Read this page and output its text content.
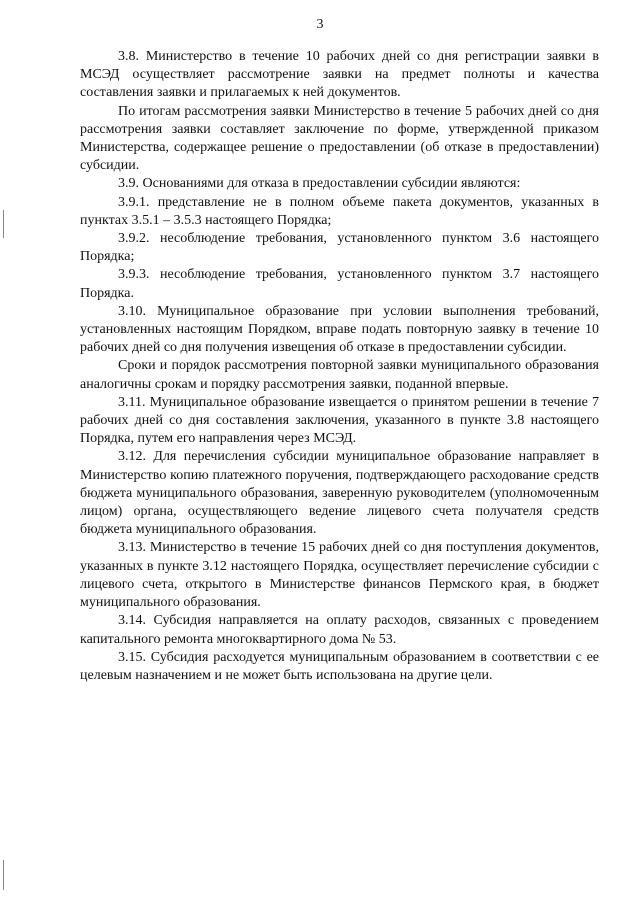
3

3.8. Министерство в течение 10 рабочих дней со дня регистрации заявки в МСЭД осуществляет рассмотрение заявки на предмет полноты и качества составления заявки и прилагаемых к ней документов.

По итогам рассмотрения заявки Министерство в течение 5 рабочих дней со дня рассмотрения заявки составляет заключение по форме, утвержденной приказом Министерства, содержащее решение о предоставлении (об отказе в предоставлении) субсидии.

3.9. Основаниями для отказа в предоставлении субсидии являются:

3.9.1. представление не в полном объеме пакета документов, указанных в пунктах 3.5.1 – 3.5.3 настоящего Порядка;

3.9.2. несоблюдение требования, установленного пунктом 3.6 настоящего Порядка;

3.9.3. несоблюдение требования, установленного пунктом 3.7 настоящего Порядка.

3.10. Муниципальное образование при условии выполнения требований, установленных настоящим Порядком, вправе подать повторную заявку в течение 10 рабочих дней со дня получения извещения об отказе в предоставлении субсидии.

Сроки и порядок рассмотрения повторной заявки муниципального образования аналогичны срокам и порядку рассмотрения заявки, поданной впервые.

3.11. Муниципальное образование извещается о принятом решении в течение 7 рабочих дней со дня составления заключения, указанного в пункте 3.8 настоящего Порядка, путем его направления через МСЭД.

3.12. Для перечисления субсидии муниципальное образование направляет в Министерство копию платежного поручения, подтверждающего расходование средств бюджета муниципального образования, заверенную руководителем (уполномоченным лицом) органа, осуществляющего ведение лицевого счета получателя средств бюджета муниципального образования.

3.13. Министерство в течение 15 рабочих дней со дня поступления документов, указанных в пункте 3.12 настоящего Порядка, осуществляет перечисление субсидии с лицевого счета, открытого в Министерстве финансов Пермского края, в бюджет муниципального образования.

3.14. Субсидия направляется на оплату расходов, связанных с проведением капитального ремонта многоквартирного дома № 53.

3.15. Субсидия расходуется муниципальным образованием в соответствии с ее целевым назначением и не может быть использована на другие цели.
